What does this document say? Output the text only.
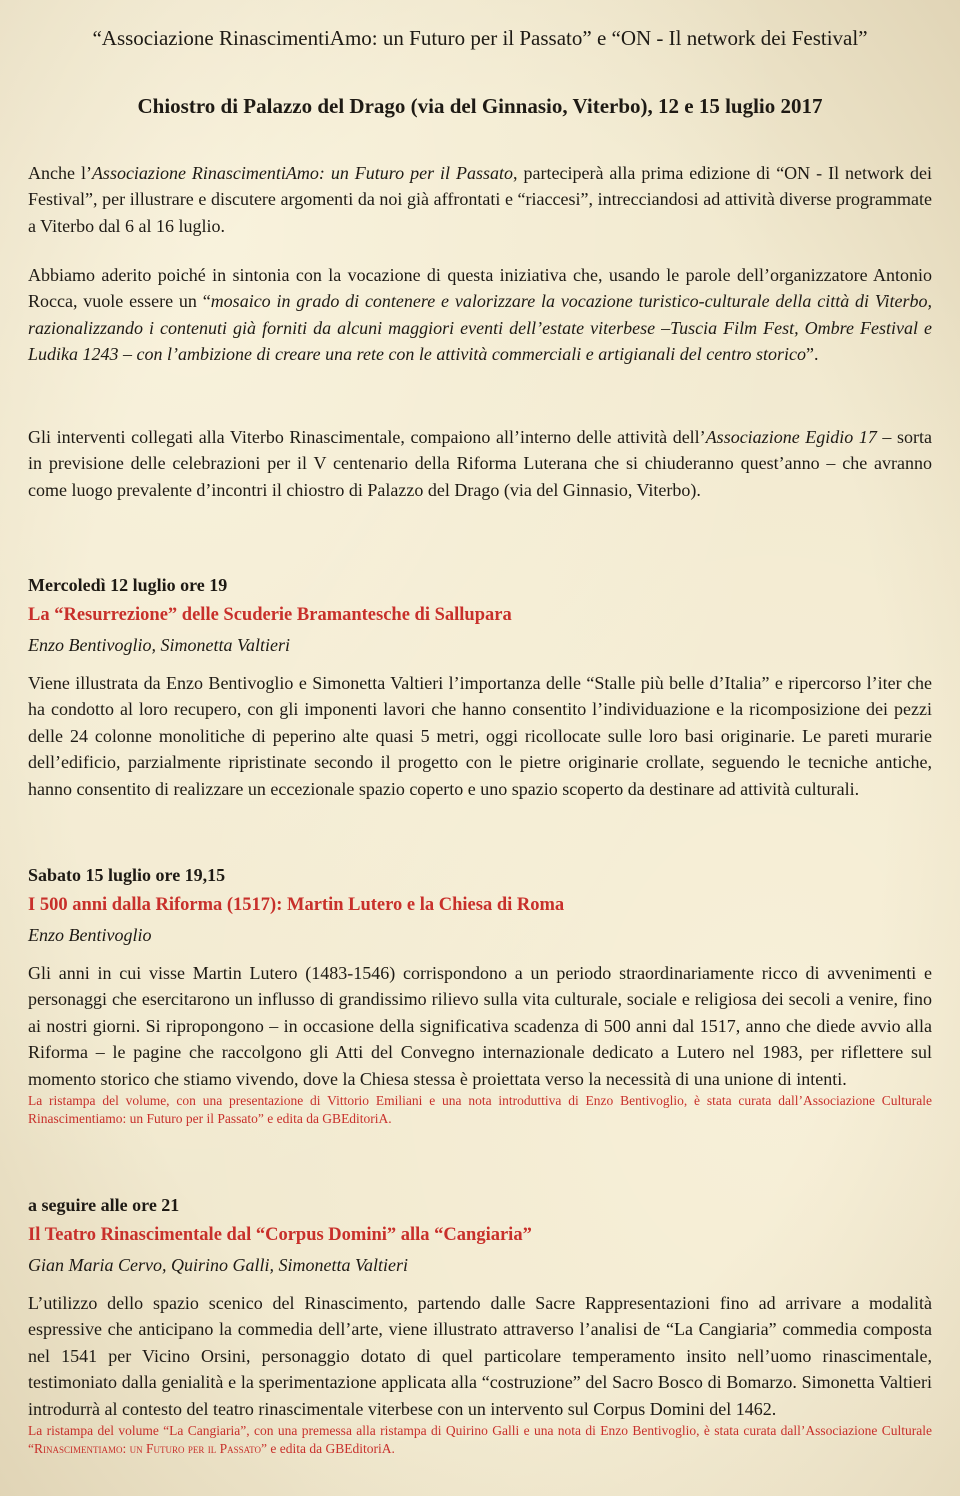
“Associazione RinascimentiAmo: un Futuro per il Passato” e “ON - Il network dei Festival”
Chiostro di Palazzo del Drago (via del Ginnasio, Viterbo), 12 e 15 luglio 2017

Anche l’Associazione RinascimentiAmo: un Futuro per il Passato, parteciperà alla prima edizione di “ON - Il network dei Festival”, per illustrare e discutere argomenti da noi già affrontati e “riaccesi”, intrecciandosi ad attività diverse programmate a Viterbo dal 6 al 16 luglio.

Abbiamo aderito poiché in sintonia con la vocazione di questa iniziativa che, usando le parole dell’organizzatore Antonio Rocca, vuole essere un “mosaico in grado di contenere e valorizzare la vocazione turistico-culturale della città di Viterbo, razionalizzando i contenuti già forniti da alcuni maggiori eventi dell’estate viterbese –Tuscia Film Fest, Ombre Festival e Ludika 1243 – con l’ambizione di creare una rete con le attività commerciali e artigianali del centro storico”.

Gli interventi collegati alla Viterbo Rinascimentale, compaiono all’interno delle attività dell’Associazione Egidio 17 – sorta in previsione delle celebrazioni per il V centenario della Riforma Luterana che si chiuderanno quest’anno – che avranno come luogo prevalente d’incontri il chiostro di Palazzo del Drago (via del Ginnasio, Viterbo).

Mercoledì 12 luglio ore 19
La “Resurrezione” delle Scuderie Bramantesche di Sallupara
Enzo Bentivoglio, Simonetta Valtieri

Viene illustrata da Enzo Bentivoglio e Simonetta Valtieri l’importanza delle “Stalle più belle d’Italia” e ripercorso l’iter che ha condotto al loro recupero, con gli imponenti lavori che hanno consentito l’individuazione e la ricomposizione dei pezzi delle 24 colonne monolitiche di peperino alte quasi 5 metri, oggi ricollocate sulle loro basi originarie. Le pareti murarie dell’edificio, parzialmente ripristinate secondo il progetto con le pietre originarie crollate, seguendo le tecniche antiche, hanno consentito di realizzare un eccezionale spazio coperto e uno spazio scoperto da destinare ad attività culturali.

Sabato 15 luglio ore 19,15
I 500 anni dalla Riforma (1517): Martin Lutero e la Chiesa di Roma
Enzo Bentivoglio

Gli anni in cui visse Martin Lutero (1483-1546) corrispondono a un periodo straordinariamente ricco di avvenimenti e personaggi che esercitarono un influsso di grandissimo rilievo sulla vita culturale, sociale e religiosa dei secoli a venire, fino ai nostri giorni. Si ripropongono – in occasione della significativa scadenza di 500 anni dal 1517, anno che diede avvio alla Riforma – le pagine che raccolgono gli Atti del Convegno internazionale dedicato a Lutero nel 1983, per riflettere sul momento storico che stiamo vivendo, dove la Chiesa stessa è proiettata verso la necessità di una unione di intenti.

La ristampa del volume, con una presentazione di Vittorio Emiliani e una nota introduttiva di Enzo Bentivoglio, è stata curata dall’Associazione Culturale Rinascimentiamo: un Futuro per il Passato” e edita da GBEditoriA.
a seguire alle ore 21
Il Teatro Rinascimentale dal “Corpus Domini” alla “Cangiaria”
Gian Maria Cervo, Quirino Galli, Simonetta Valtieri

L’utilizzo dello spazio scenico del Rinascimento, partendo dalle Sacre Rappresentazioni fino ad arrivare a modalità espressive che anticipano la commedia dell’arte, viene illustrato attraverso l’analisi de “La Cangiaria” commedia composta nel 1541 per Vicino Orsini, personaggio dotato di quel particolare temperamento insito nell’uomo rinascimentale, testimoniato dalla genialità e la sperimentazione applicata alla “costruzione” del Sacro Bosco di Bomarzo. Simonetta Valtieri introdurrà al contesto del teatro rinascimentale viterbese con un intervento sul Corpus Domini del 1462.

La ristampa del volume “La Cangiaria”, con una premessa alla ristampa di Quirino Galli e una nota di Enzo Bentivoglio, è stata curata dall’Associazione Culturale “Rinascimentiamo: un Futuro per il Passato” e edita da GBEditoriA.
